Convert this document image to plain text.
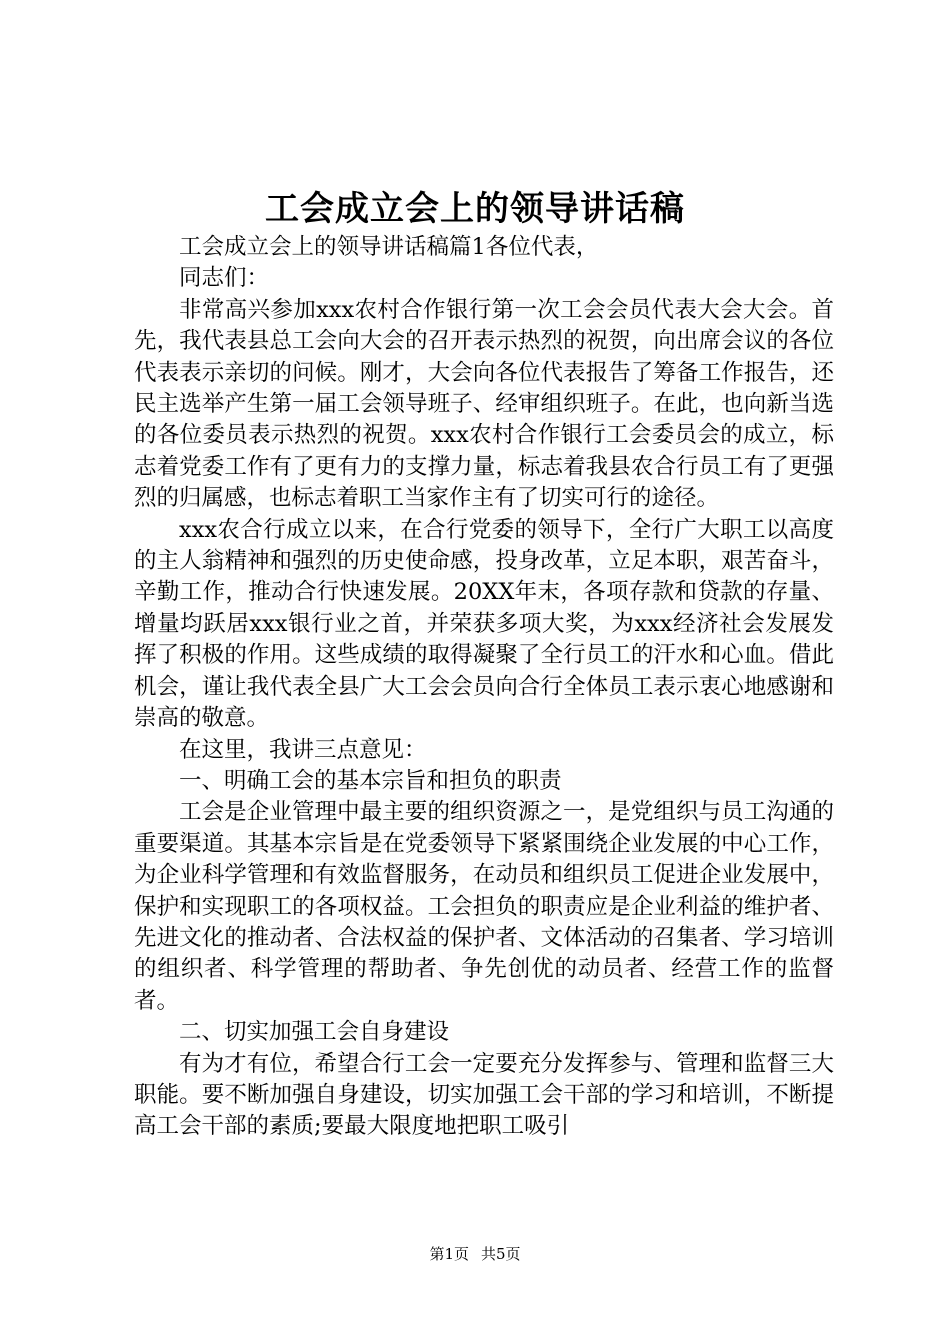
工会成立会上的领导讲话稿

工会成立会上的领导讲话稿篇1各位代表，

同志们：

非常高兴参加xxx农村合作银行第一次工会会员代表大会大会。首先，我代表县总工会向大会的召开表示热烈的祝贺，向出席会议的各位代表表示亲切的问候。刚才，大会向各位代表报告了筹备工作报告，还民主选举产生第一届工会领导班子、经审组织班子。在此，也向新当选的各位委员表示热烈的祝贺。xxx农村合作银行工会委员会的成立，标志着党委工作有了更有力的支撑力量，标志着我县农合行员工有了更强烈的归属感，也标志着职工当家作主有了切实可行的途径。

xxx农合行成立以来，在合行党委的领导下，全行广大职工以高度的主人翁精神和强烈的历史使命感，投身改革，立足本职，艰苦奋斗，辛勤工作，推动合行快速发展。20XX年末，各项存款和贷款的存量、增量均跃居xxx银行业之首，并荣获多项大奖，为xxx经济社会发展发挥了积极的作用。这些成绩的取得凝聚了全行员工的汗水和心血。借此机会，谨让我代表全县广大工会会员向合行全体员工表示衷心地感谢和崇高的敬意。

在这里，我讲三点意见：

一、明确工会的基本宗旨和担负的职责

工会是企业管理中最主要的组织资源之一，是党组织与员工沟通的重要渠道。其基本宗旨是在党委领导下紧紧围绕企业发展的中心工作，为企业科学管理和有效监督服务，在动员和组织员工促进企业发展中，保护和实现职工的各项权益。工会担负的职责应是企业利益的维护者、先进文化的推动者、合法权益的保护者、文体活动的召集者、学习培训的组织者、科学管理的帮助者、争先创优的动员者、经营工作的监督者。

二、切实加强工会自身建设

有为才有位，希望合行工会一定要充分发挥参与、管理和监督三大职能。要不断加强自身建设，切实加强工会干部的学习和培训，不断提高工会干部的素质;要最大限度地把职工吸引

第1页 共5页
